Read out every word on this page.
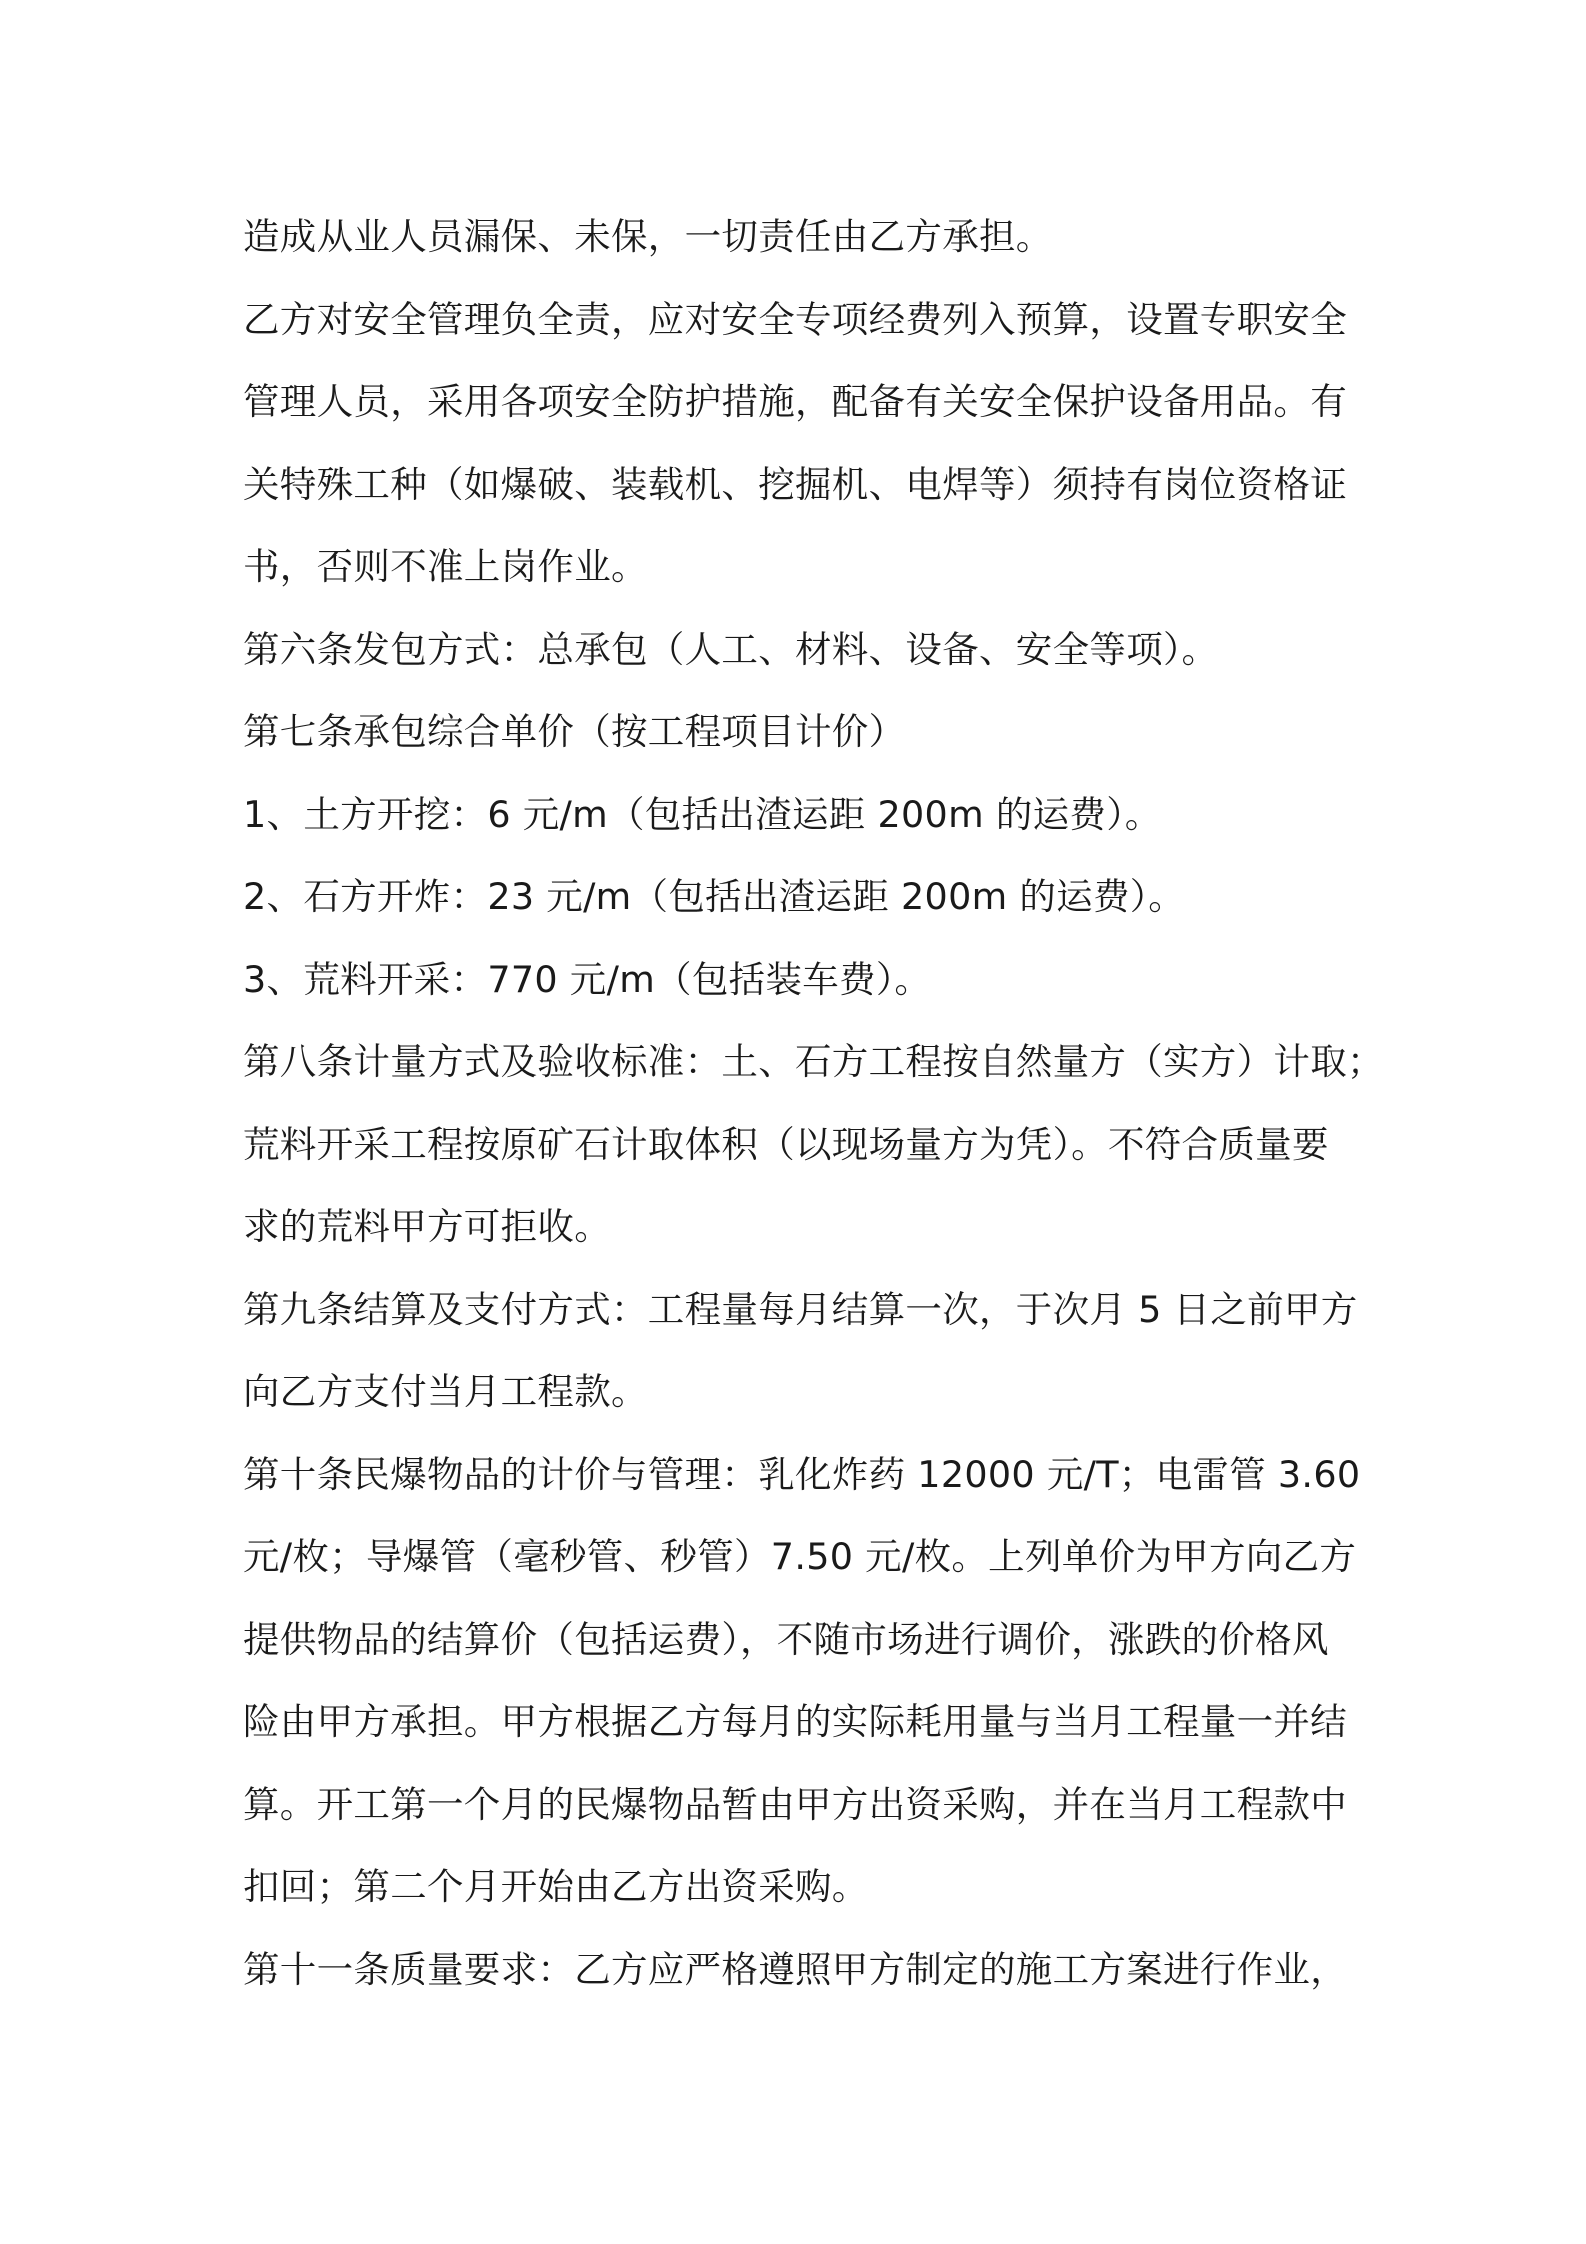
造成从业人员漏保、未保，一切责任由乙方承担。
乙方对安全管理负全责，应对安全专项经费列入预算，设置专职安全
管理人员，采用各项安全防护措施，配备有关安全保护设备用品。有
关特殊工种（如爆破、装载机、挖掘机、电焊等）须持有岗位资格证
书，否则不准上岗作业。
第六条发包方式：总承包（人工、材料、设备、安全等项）。
第七条承包综合单价（按工程项目计价）
1、土方开挖：6 元/m（包括出渣运距 200m 的运费）。
2、石方开炸：23 元/m（包括出渣运距 200m 的运费）。
3、荒料开采：770 元/m（包括装车费）。
第八条计量方式及验收标准：土、石方工程按自然量方（实方）计取；
荒料开采工程按原矿石计取体积（以现场量方为凭）。不符合质量要
求的荒料甲方可拒收。
第九条结算及支付方式：工程量每月结算一次，于次月 5 日之前甲方
向乙方支付当月工程款。
第十条民爆物品的计价与管理：乳化炸药 12000 元/T；电雷管 3.60
元/枚；导爆管（毫秒管、秒管）7.50 元/枚。上列单价为甲方向乙方
提供物品的结算价（包括运费），不随市场进行调价，涨跌的价格风
险由甲方承担。甲方根据乙方每月的实际耗用量与当月工程量一并结
算。开工第一个月的民爆物品暂由甲方出资采购，并在当月工程款中
扣回；第二个月开始由乙方出资采购。
第十一条质量要求：乙方应严格遵照甲方制定的施工方案进行作业，
